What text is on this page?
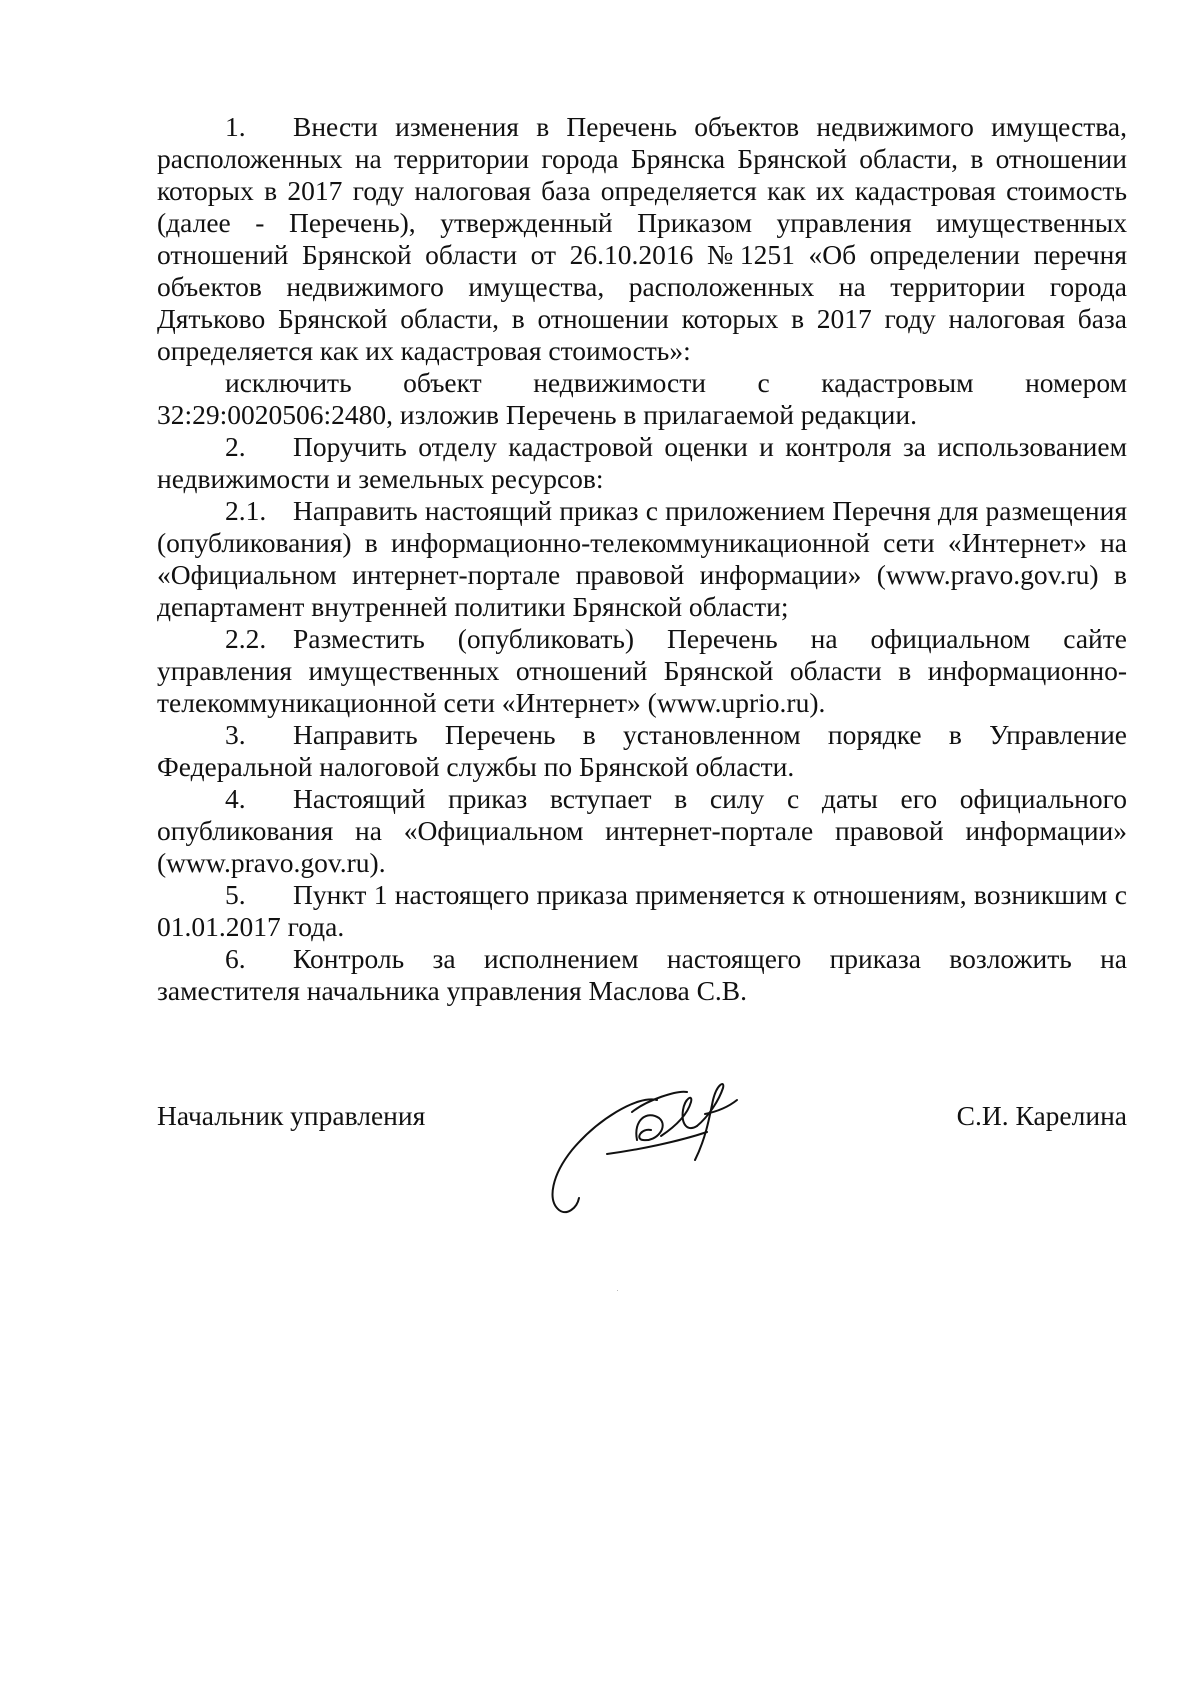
1. Внести изменения в Перечень объектов недвижимого имущества, расположенных на территории города Брянска Брянской области, в отношении которых в 2017 году налоговая база определяется как их кадастровая стоимость (далее - Перечень), утвержденный Приказом управления имущественных отношений Брянской области от 26.10.2016 №1251 «Об определении перечня объектов недвижимого имущества, расположенных на территории города Дятьково Брянской области, в отношении которых в 2017 году налоговая база определяется как их кадастровая стоимость»:

исключить объект недвижимости с кадастровым номером 32:29:0020506:2480, изложив Перечень в прилагаемой редакции.

2. Поручить отделу кадастровой оценки и контроля за использованием недвижимости и земельных ресурсов:

2.1. Направить настоящий приказ с приложением Перечня для размещения (опубликования) в информационно-телекоммуникационной сети «Интернет» на «Официальном интернет-портале правовой информации» (www.pravo.gov.ru) в департамент внутренней политики Брянской области;

2.2. Разместить (опубликовать) Перечень на официальном сайте управления имущественных отношений Брянской области в информационно-телекоммуникационной сети «Интернет» (www.uprio.ru).

3. Направить Перечень в установленном порядке в Управление Федеральной налоговой службы по Брянской области.

4. Настоящий приказ вступает в силу с даты его официального опубликования на «Официальном интернет-портале правовой информации» (www.pravo.gov.ru).

5. Пункт 1 настоящего приказа применяется к отношениям, возникшим с 01.01.2017 года.

6. Контроль за исполнением настоящего приказа возложить на заместителя начальника управления Маслова С.В.

Начальник управления	С.И. Карелина
